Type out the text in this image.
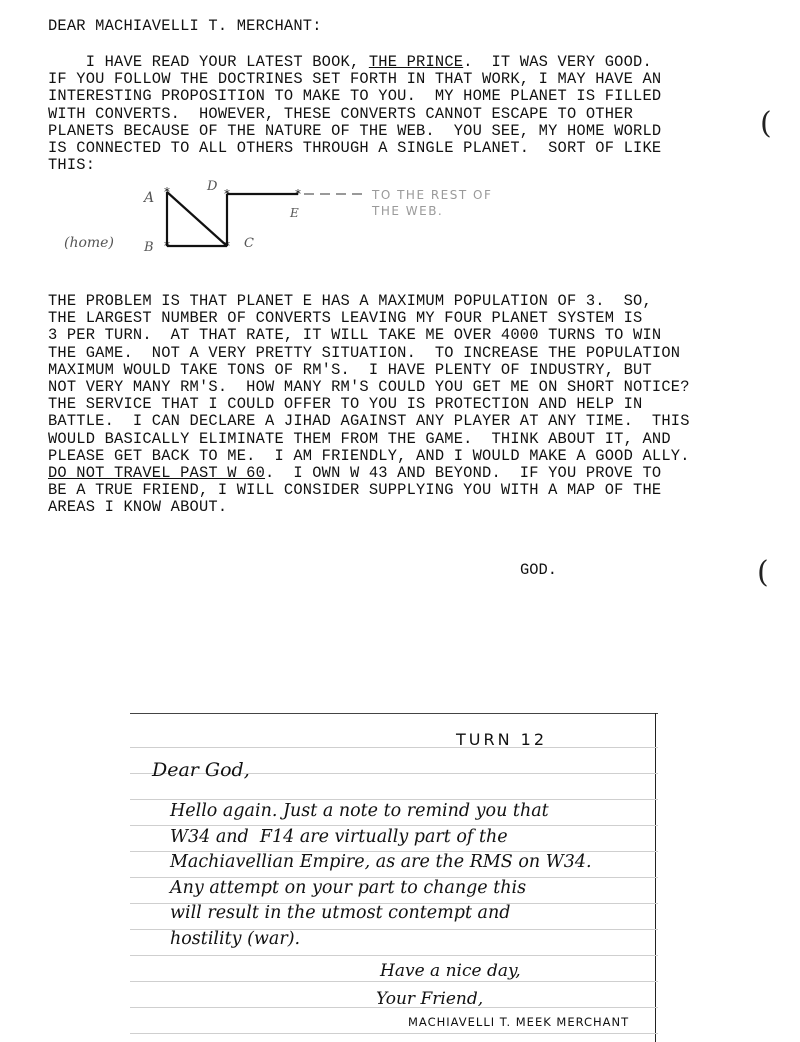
DEAR MACHIAVELLI T. MERCHANT:
I HAVE READ YOUR LATEST BOOK, THE PRINCE.  IT WAS VERY GOOD.
IF YOU FOLLOW THE DOCTRINES SET FORTH IN THAT WORK, I MAY HAVE AN
INTERESTING PROPOSITION TO MAKE TO YOU.  MY HOME PLANET IS FILLED
WITH CONVERTS.  HOWEVER, THESE CONVERTS CANNOT ESCAPE TO OTHER
PLANETS BECAUSE OF THE NATURE OF THE WEB.  YOU SEE, MY HOME WORLD
IS CONNECTED TO ALL OTHERS THROUGH A SINGLE PLANET.  SORT OF LIKE
THIS:
*
*
*
*
*
A
B
D
C
E
(home)
TO THE REST OF
THE WEB.
THE PROBLEM IS THAT PLANET E HAS A MAXIMUM POPULATION OF 3.  SO,
THE LARGEST NUMBER OF CONVERTS LEAVING MY FOUR PLANET SYSTEM IS
3 PER TURN.  AT THAT RATE, IT WILL TAKE ME OVER 4000 TURNS TO WIN
THE GAME.  NOT A VERY PRETTY SITUATION.  TO INCREASE THE POPULATION
MAXIMUM WOULD TAKE TONS OF RM'S.  I HAVE PLENTY OF INDUSTRY, BUT
NOT VERY MANY RM'S.  HOW MANY RM'S COULD YOU GET ME ON SHORT NOTICE?
THE SERVICE THAT I COULD OFFER TO YOU IS PROTECTION AND HELP IN
BATTLE.  I CAN DECLARE A JIHAD AGAINST ANY PLAYER AT ANY TIME.  THIS
WOULD BASICALLY ELIMINATE THEM FROM THE GAME.  THINK ABOUT IT, AND
PLEASE GET BACK TO ME.  I AM FRIENDLY, AND I WOULD MAKE A GOOD ALLY.
DO NOT TRAVEL PAST W 60.  I OWN W 43 AND BEYOND.  IF YOU PROVE TO
BE A TRUE FRIEND, I WILL CONSIDER SUPPLYING YOU WITH A MAP OF THE
AREAS I KNOW ABOUT.
GOD.
(
(
TURN 12
Dear God,
Hello again. Just a note to remind you that
W34 and  F14 are virtually part of the
Machiavellian Empire, as are the RMS on W34.
Any attempt on your part to change this
will result in the utmost contempt and
hostility (war).
Have a nice day,
Your Friend,
MACHIAVELLI T. MEEK MERCHANT
